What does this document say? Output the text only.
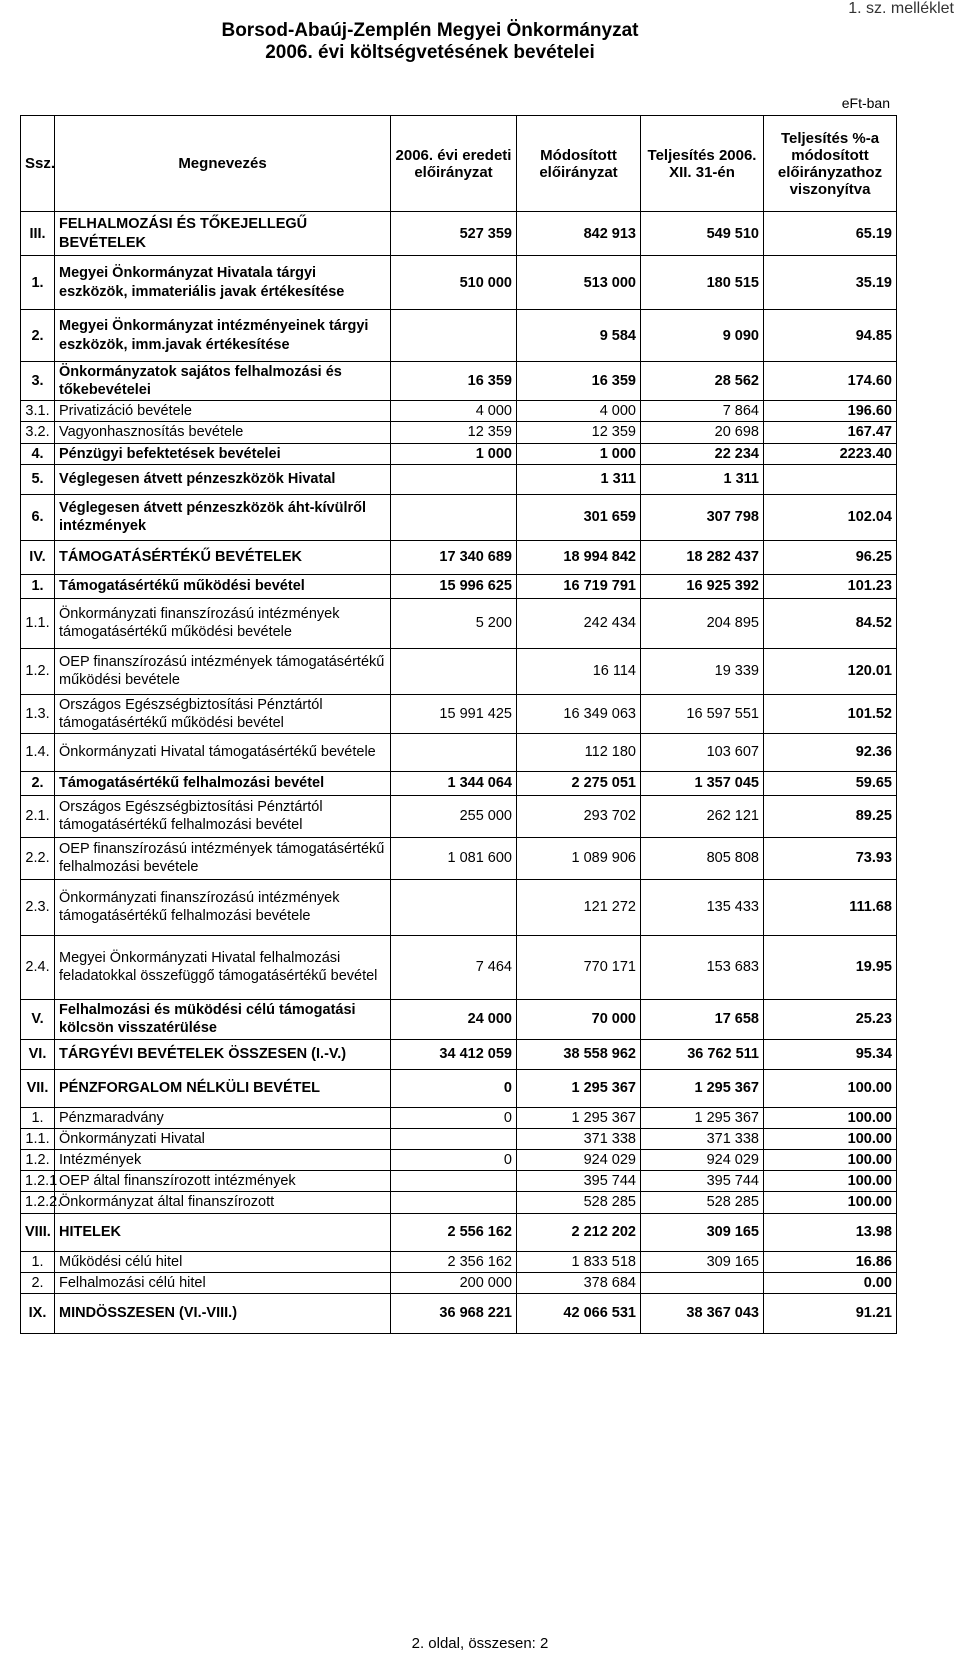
Borsod-Abaúj-Zemplén Megyei Önkormányzat
2006. évi költségvetésének bevételei
1. sz. melléklet
eFt-ban
Ssz.	Megnevezés	2006. évi eredeti előirányzat	Módosított előirányzat	Teljesítés 2006. XII. 31-én	Teljesítés %-a módosított előirányzathoz viszonyítva
III.	FELHALMOZÁSI ÉS TŐKEJELLEGŰ BEVÉTELEK	527 359	842 913	549 510	65.19
1.	Megyei Önkormányzat Hivatala tárgyi eszközök, immateriális javak értékesítése	510 000	513 000	180 515	35.19
2.	Megyei Önkormányzat intézményeinek tárgyi eszközök, imm.javak értékesítése		9 584	9 090	94.85
3.	Önkormányzatok sajátos felhalmozási és tőkebevételei	16 359	16 359	28 562	174.60
3.1.	Privatizáció bevétele	4 000	4 000	7 864	196.60
3.2.	Vagyonhasznosítás bevétele	12 359	12 359	20 698	167.47
4.	Pénzügyi befektetések bevételei	1 000	1 000	22 234	2223.40
5.	Véglegesen átvett pénzeszközök Hivatal		1 311	1 311	
6.	Véglegesen átvett pénzeszközök áht-kívülről intézmények		301 659	307 798	102.04
IV.	TÁMOGATÁSÉRTÉKŰ BEVÉTELEK	17 340 689	18 994 842	18 282 437	96.25
1.	Támogatásértékű működési bevétel	15 996 625	16 719 791	16 925 392	101.23
1.1.	Önkormányzati finanszírozású intézmények támogatásértékű működési bevétele	5 200	242 434	204 895	84.52
1.2.	OEP finanszírozású intézmények támogatásértékű működési bevétele		16 114	19 339	120.01
1.3.	Országos Egészségbiztosítási Pénztártól támogatásértékű működési bevétel	15 991 425	16 349 063	16 597 551	101.52
1.4.	Önkormányzati Hivatal támogatásértékű bevétele		112 180	103 607	92.36
2.	Támogatásértékű felhalmozási bevétel	1 344 064	2 275 051	1 357 045	59.65
2.1.	Országos Egészségbiztosítási Pénztártól támogatásértékű felhalmozási bevétel	255 000	293 702	262 121	89.25
2.2.	OEP finanszírozású intézmények támogatásértékű felhalmozási bevétele	1 081 600	1 089 906	805 808	73.93
2.3.	Önkormányzati finanszírozású intézmények támogatásértékű felhalmozási bevétele		121 272	135 433	111.68
2.4.	Megyei Önkormányzati Hivatal felhalmozási feladatokkal összefüggő támogatásértékű bevétel	7 464	770 171	153 683	19.95
V.	Felhalmozási és müködési célú támogatási kölcsön visszatérülése	24 000	70 000	17 658	25.23
VI.	TÁRGYÉVI BEVÉTELEK ÖSSZESEN (I.-V.)	34 412 059	38 558 962	36 762 511	95.34
VII.	PÉNZFORGALOM NÉLKÜLI BEVÉTEL	0	1 295 367	1 295 367	100.00
1.	Pénzmaradvány	0	1 295 367	1 295 367	100.00
1.1.	Önkormányzati Hivatal		371 338	371 338	100.00
1.2.	Intézmények	0	924 029	924 029	100.00
1.2.1	OEP által finanszírozott intézmények		395 744	395 744	100.00
1.2.2.	Önkormányzat által finanszírozott		528 285	528 285	100.00
VIII.	HITELEK	2 556 162	2 212 202	309 165	13.98
1.	Működési célú hitel	2 356 162	1 833 518	309 165	16.86
2.	Felhalmozási célú hitel	200 000	378 684		0.00
IX.	MINDÖSSZESEN (VI.-VIII.)	36 968 221	42 066 531	38 367 043	91.21
2. oldal, összesen: 2
